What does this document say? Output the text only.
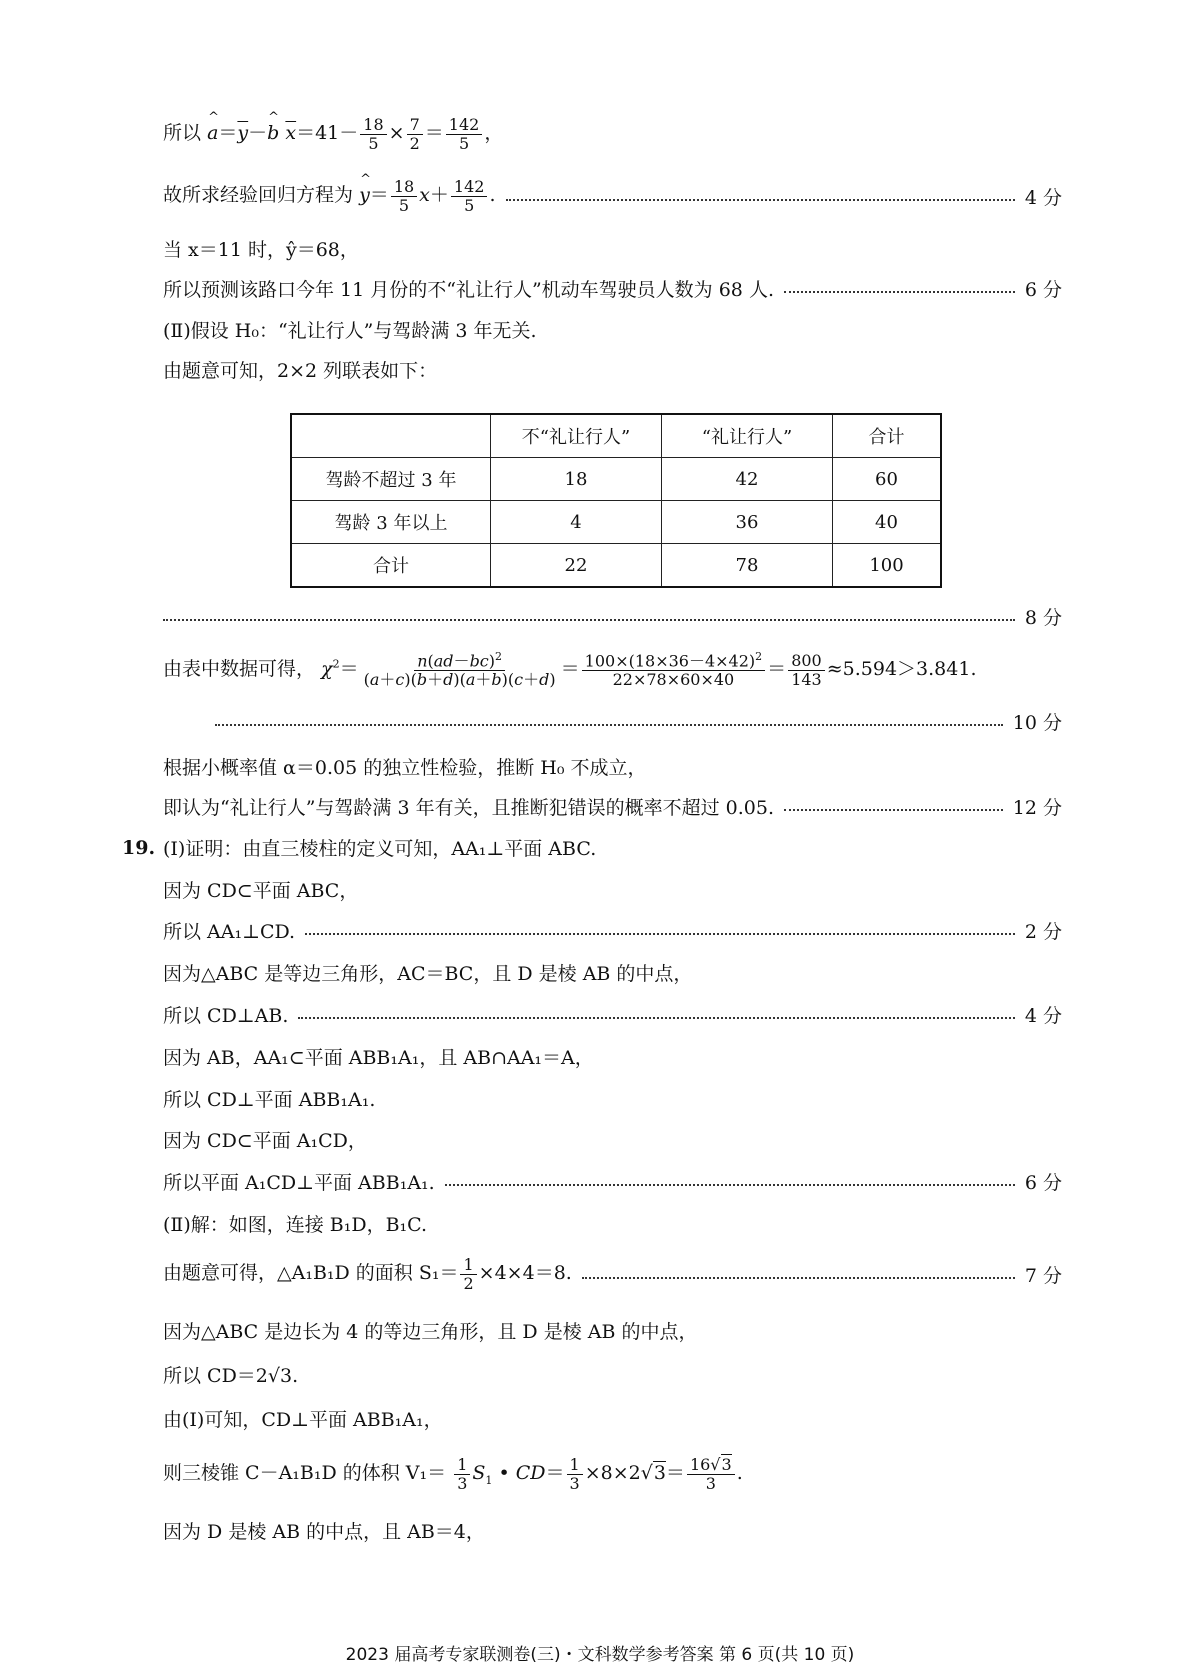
所以 ^ $a=\overline{y}-\^{}$ b $\overline{x}=41- \frac{18}{5} \times \frac{7}{2} = \frac{142}{5}$ ，
故所求经验回归方程为 ^ $y= \frac{18}{5} x+ \frac{142}{5}$ .	4 分
当 x＝11 时，ŷ＝68，
所以预测该路口今年 11 月份的不“礼让行人”机动车驾驶员人数为 68 人.	6 分
(Ⅱ)假设 H₀：“礼让行人”与驾龄满 3 年无关.
由题意可知，2×2 列联表如下：
	不“礼让行人”	“礼让行人”	合计
驾龄不超过 3 年	18	42	60
驾龄 3 年以上	4	36	40
合计	22	78	100
8 分
由表中数据可得， $\chi^2= \frac{n(ad-bc)^2}{(a+c)(b+d)(a+b)(c+d)} = \frac{100\times(18\times 36-4\times 42)^2}{22\times 78\times 60\times 40} = \frac{800}{143} \approx 5.594>3.841$.
10 分
根据小概率值 α＝0.05 的独立性检验，推断 H₀ 不成立，
即认为“礼让行人”与驾龄满 3 年有关，且推断犯错误的概率不超过 0.05.	12 分
19. (Ⅰ)证明：由直三棱柱的定义可知，AA₁⊥平面 ABC.
因为 CD⊂平面 ABC，
所以 AA₁⊥CD.	2 分
因为△ABC 是等边三角形，AC＝BC，且 D 是棱 AB 的中点，
所以 CD⊥AB.	4 分
因为 AB，AA₁⊂平面 ABB₁A₁，且 AB∩AA₁＝A，
所以 CD⊥平面 ABB₁A₁.
因为 CD⊂平面 A₁CD，
所以平面 A₁CD⊥平面 ABB₁A₁.	6 分
(Ⅱ)解：如图，连接 B₁D，B₁C.
由题意可得，△A₁B₁D 的面积 $S_1= \frac{1}{2} \times 4\times 4=8$.	7 分
因为△ABC 是边长为 4 的等边三角形，且 D 是棱 AB 的中点，
所以 CD＝2√3.
由(Ⅰ)可知，CD⊥平面 ABB₁A₁，
则三棱锥 C－A₁B₁D 的体积 $V_1= \frac{1}{3} S_1$ • $CD= \frac{1}{3} \times 8\times 2√3= \frac{16√3}{3}$ .
因为 D 是棱 AB 的中点，且 AB＝4，
2023 届高考专家联测卷(三)・文科数学参考答案 第 6 页(共 10 页)
